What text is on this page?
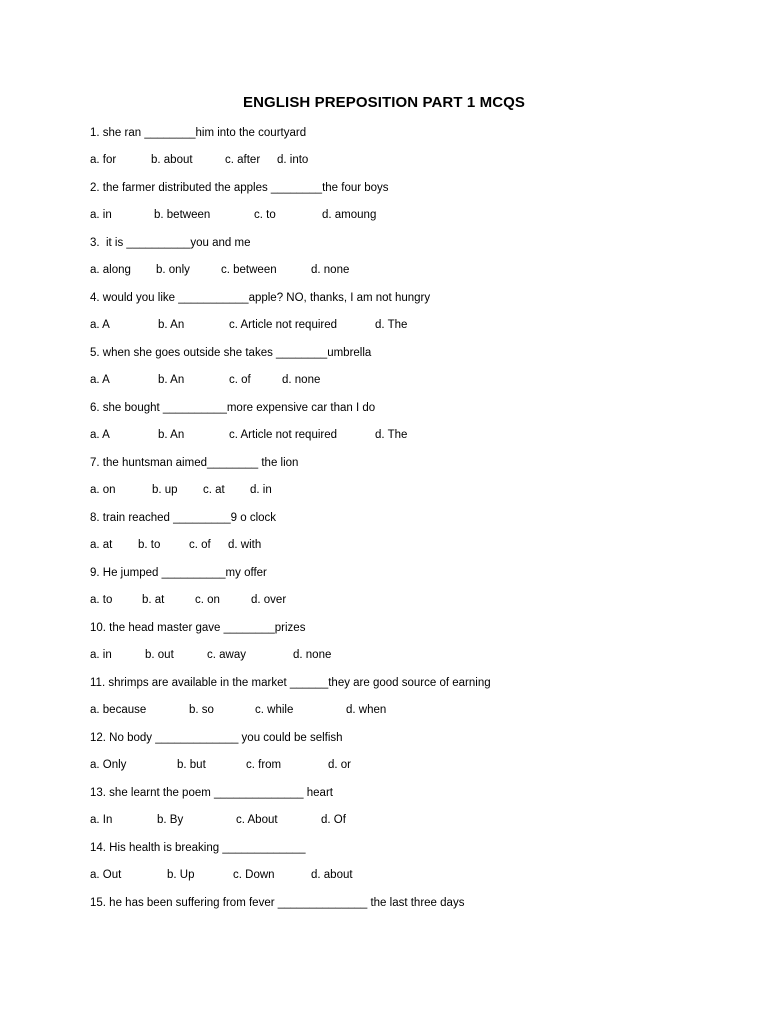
ENGLISH PREPOSITION PART 1 MCQS
1. she ran ________him into the courtyard
a. for	b. about	c. after d. into
2. the farmer distributed the apples ________the four boys
a. in	b. between	c. to	d. amoung
3.  it is __________you and me
a. along b. only	c. between	d. none
4. would you like ___________apple? NO, thanks, I am not hungry
a. A	b. An	c. Article not required	d. The
5. when she goes outside she takes ________umbrella
a. A	b. An	c. of	d. none
6. she bought __________more expensive car than I do
a. A	b. An	c. Article not required	d. The
7. the huntsman aimed________ the lion
a. on	b. up c. at d. in
8. train reached _________9 o clock
a. at b. to c. of d. with
9. He jumped __________my offer
a. to	b. at	c. on	d. over
10. the head master gave ________prizes
a. in	b. out	c. away	d. none
11. shrimps are available in the market ______they are good source of earning
a. because	b. so	c. while	d. when
12. No body _____________ you could be selfish
a. Only	b. but	c. from	d. or
13. she learnt the poem ______________ heart
a. In	b. By	c. About	d. Of
14. His health is breaking _____________
a. Out	b. Up	c. Down	d. about
15. he has been suffering from fever ______________ the last three days
